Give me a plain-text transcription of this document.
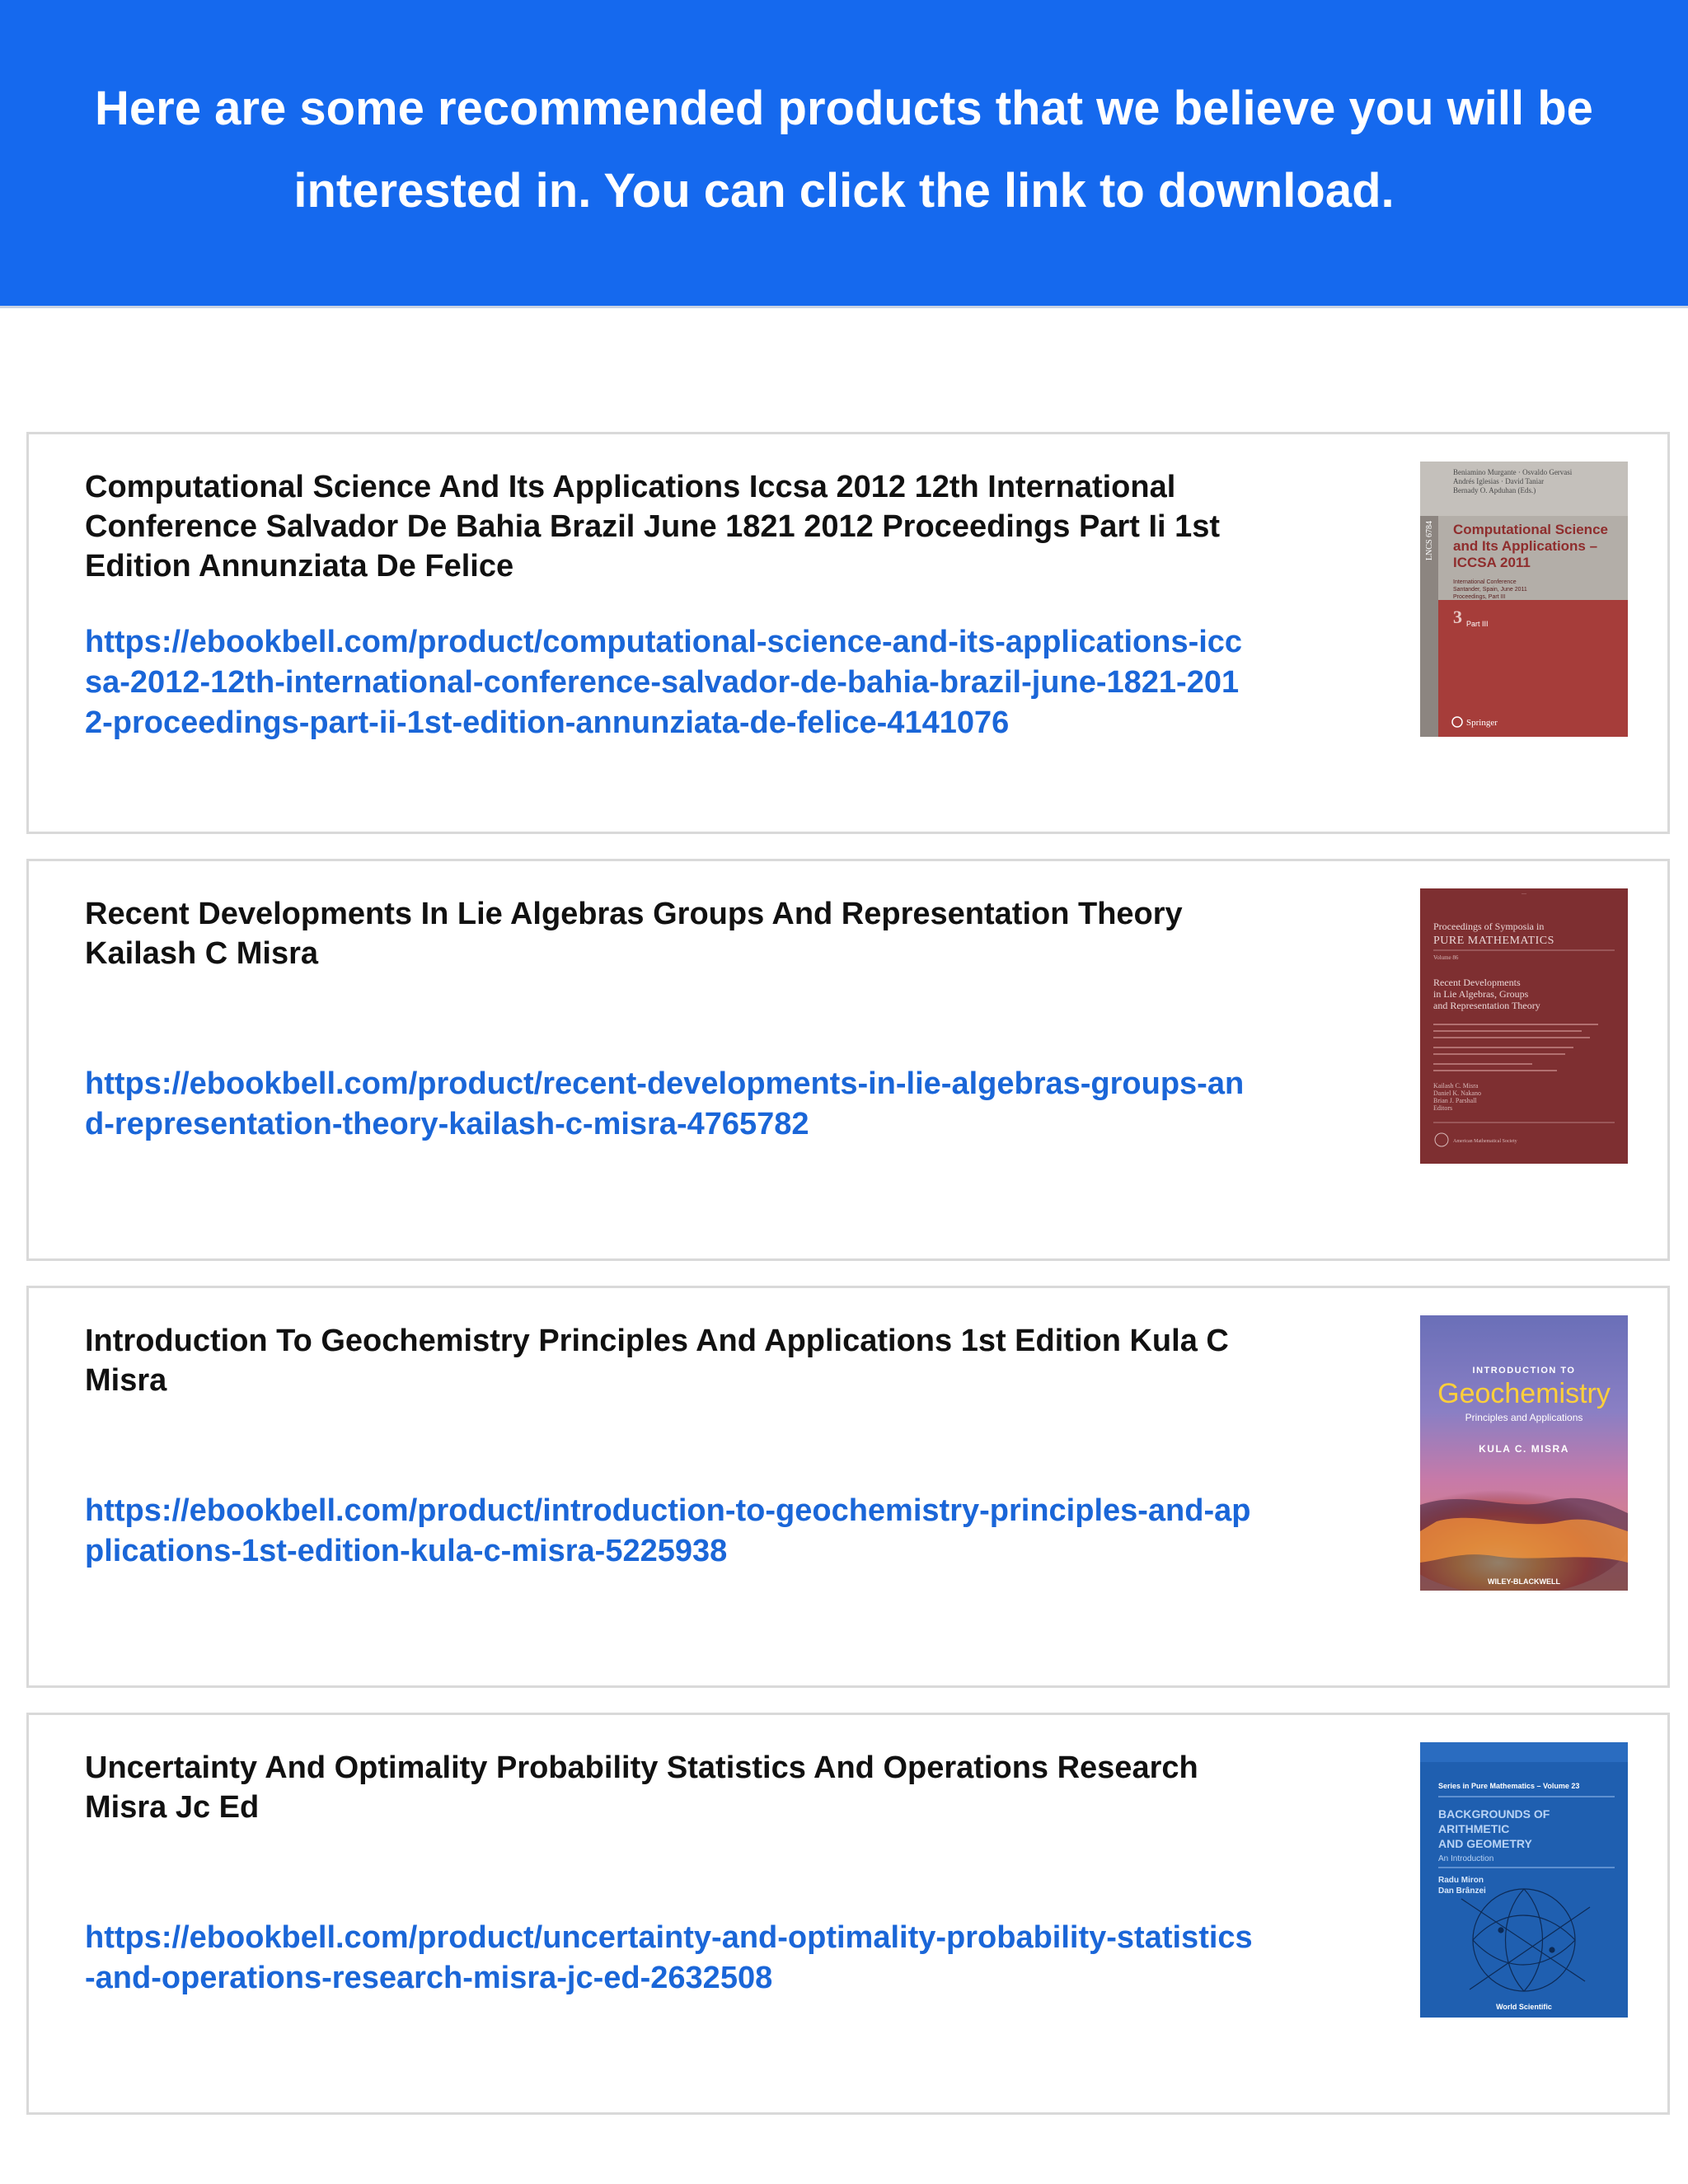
Here are some recommended products that we believe you will be interested in. You can click the link to download.
Computational Science And Its Applications Iccsa 2012 12th International Conference Salvador De Bahia Brazil June 1821 2012 Proceedings Part Ii 1st Edition Annunziata De Felice
https://ebookbell.com/product/computational-science-and-its-applications-iccsa-2012-12th-international-conference-salvador-de-bahia-brazil-june-1821-2012-proceedings-part-ii-1st-edition-annunziata-de-felice-4141076
Beniamino Murgante · Osvaldo Gervasi Andrés Iglesias · David Taniar Bernady O. Apduhan (Eds.)
LNCS 6784 Computational Science and Its Applications – ICCSA 2011
International Conference Santander, Spain, June 2011 Proceedings, Part III
3 Part III
Springer
Recent Developments In Lie Algebras Groups And Representation Theory Kailash C Misra
https://ebookbell.com/product/recent-developments-in-lie-algebras-groups-and-representation-theory-kailash-c-misra-4765782
—
Proceedings of Symposia in
PURE MATHEMATICS
Volume 86
Recent Developments in Lie Algebras, Groups and Representation Theory
Kailash C. Misra Daniel K. Nakano Brian J. Parshall Editors
American Mathematical Society
Introduction To Geochemistry Principles And Applications 1st Edition Kula C Misra
https://ebookbell.com/product/introduction-to-geochemistry-principles-and-applications-1st-edition-kula-c-misra-5225938
INTRODUCTION TO
Geochemistry
Principles and Applications
KULA C. MISRA
WILEY-BLACKWELL
Uncertainty And Optimality Probability Statistics And Operations Research Misra Jc Ed
https://ebookbell.com/product/uncertainty-and-optimality-probability-statistics-and-operations-research-misra-jc-ed-2632508
Series in Pure Mathematics – Volume 23
BACKGROUNDS OF
ARITHMETIC
AND GEOMETRY
An Introduction
Radu Miron
Dan Brânzei
World Scientific
